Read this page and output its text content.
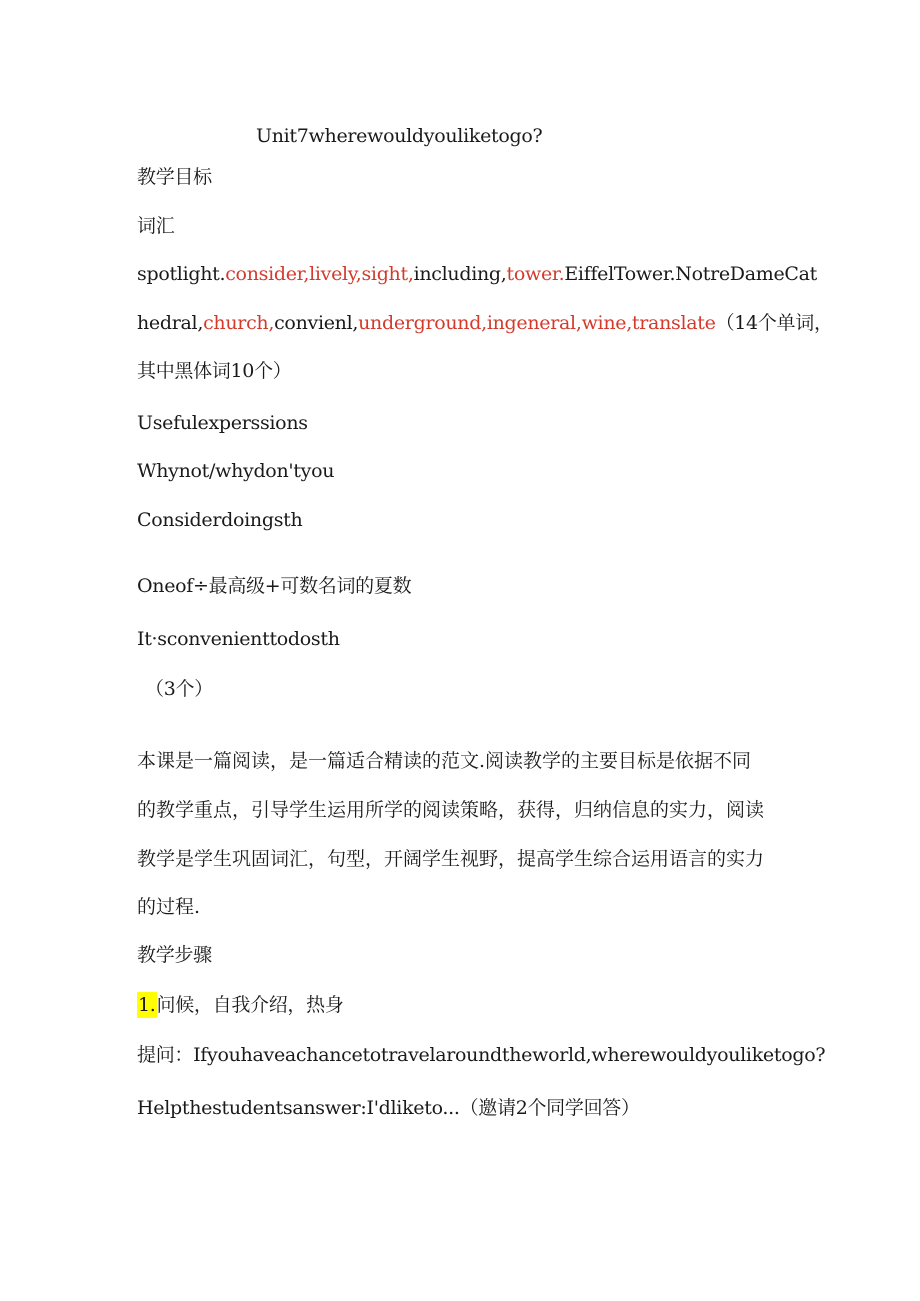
Unit7wherewouldyouliketogo?
教学目标
词汇
spotlight.consider,lively,sight,including,tower.EiffelTower.NotreDameCat
hedral,church,convienl,underground,ingeneral,wine,translate（14个单词，
其中黑体词10个）
Usefulexperssions
Whynot/whydon'tyou
Considerdoingsth
Oneof÷最高级+可数名词的夏数
It·sconvenienttodosth
（3个）
本课是一篇阅读，是一篇适合精读的范文.阅读教学的主要目标是依据不同
的教学重点，引导学生运用所学的阅读策略，获得，归纳信息的实力，阅读
教学是学生巩固词汇，句型，开阔学生视野，提高学生综合运用语言的实力
的过程.
教学步骤
1.问候，自我介绍，热身
提问：Ifyouhaveachancetotravelaroundtheworld,wherewouldyouliketogo?
Helpthestudentsanswer:I'dliketo...（邀请2个同学回答）
